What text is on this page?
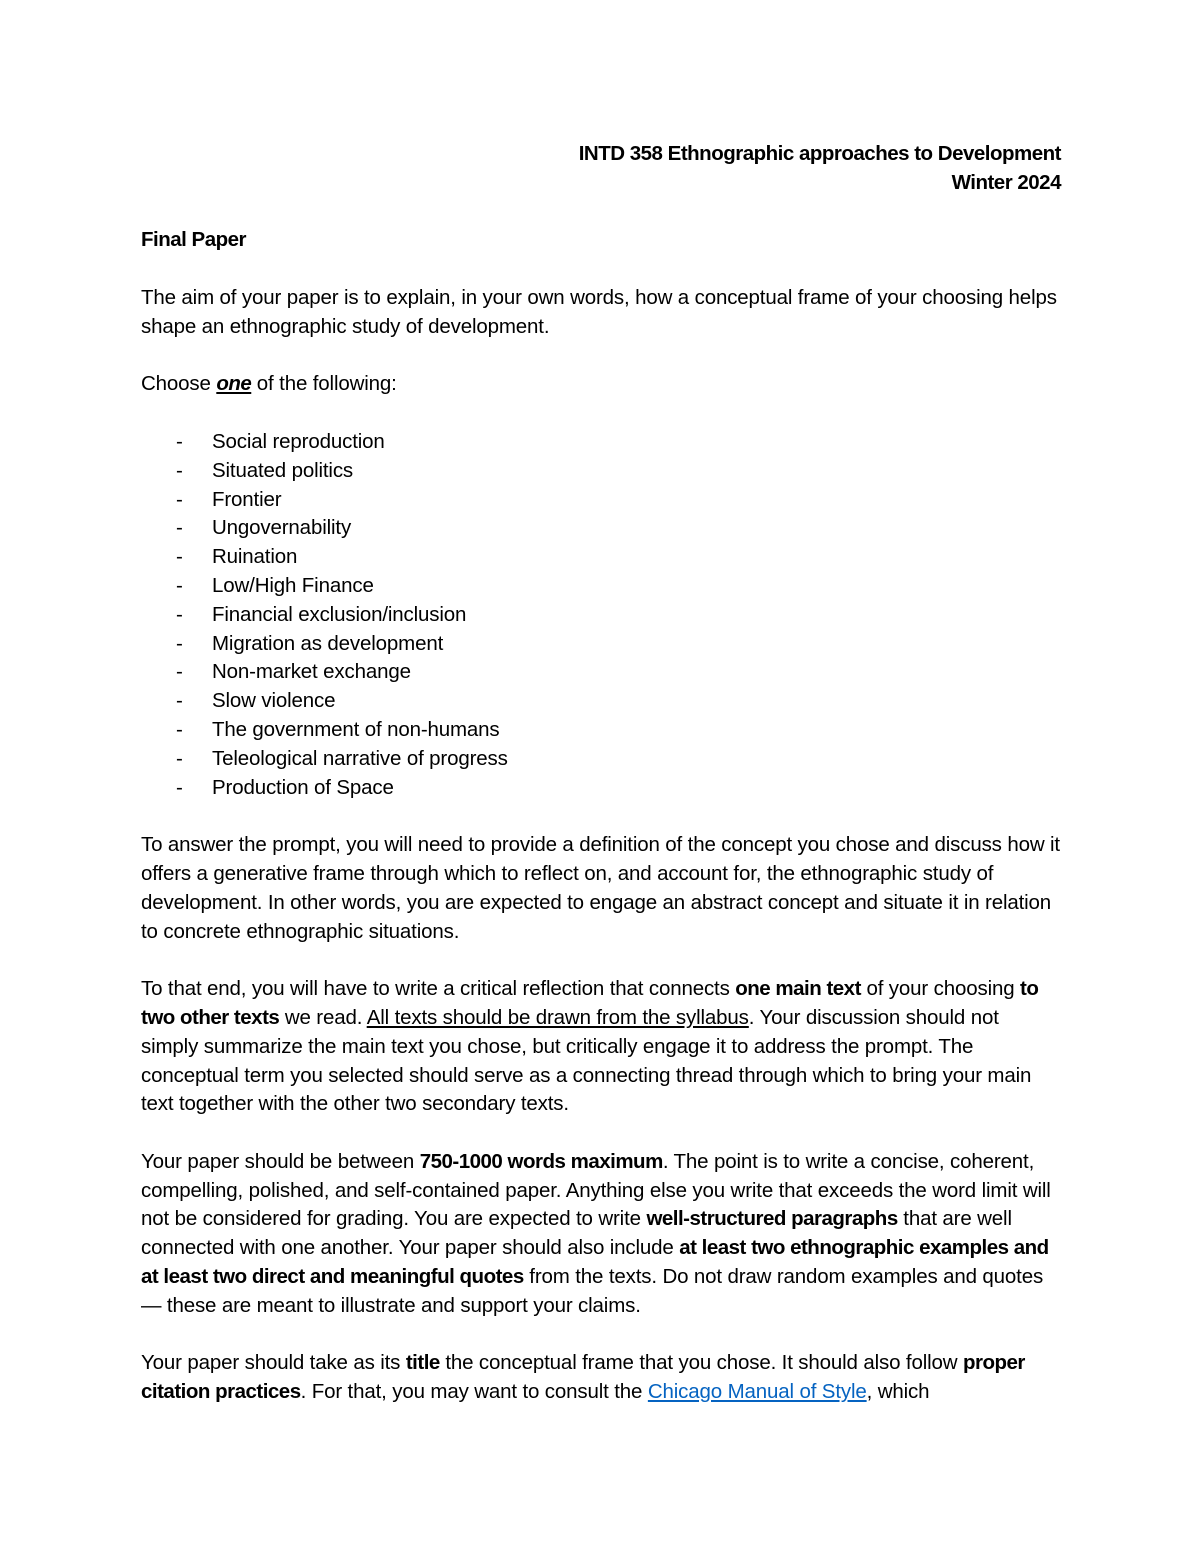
INTD 358 Ethnographic approaches to Development
Winter 2024
Final Paper

The aim of your paper is to explain, in your own words, how a conceptual frame of your choosing helps shape an ethnographic study of development.

Choose one of the following:

- Social reproduction
- Situated politics
- Frontier
- Ungovernability
- Ruination
- Low/High Finance
- Financial exclusion/inclusion
- Migration as development
- Non-market exchange
- Slow violence
- The government of non-humans
- Teleological narrative of progress
- Production of Space

To answer the prompt, you will need to provide a definition of the concept you chose and discuss how it offers a generative frame through which to reflect on, and account for, the ethnographic study of development. In other words, you are expected to engage an abstract concept and situate it in relation to concrete ethnographic situations.

To that end, you will have to write a critical reflection that connects one main text of your choosing to two other texts we read. All texts should be drawn from the syllabus. Your discussion should not simply summarize the main text you chose, but critically engage it to address the prompt. The conceptual term you selected should serve as a connecting thread through which to bring your main text together with the other two secondary texts.

Your paper should be between 750-1000 words maximum. The point is to write a concise, coherent, compelling, polished, and self-contained paper. Anything else you write that exceeds the word limit will not be considered for grading. You are expected to write well-structured paragraphs that are well connected with one another. Your paper should also include at least two ethnographic examples and at least two direct and meaningful quotes from the texts. Do not draw random examples and quotes — these are meant to illustrate and support your claims.

Your paper should take as its title the conceptual frame that you chose. It should also follow proper citation practices. For that, you may want to consult the Chicago Manual of Style, which
